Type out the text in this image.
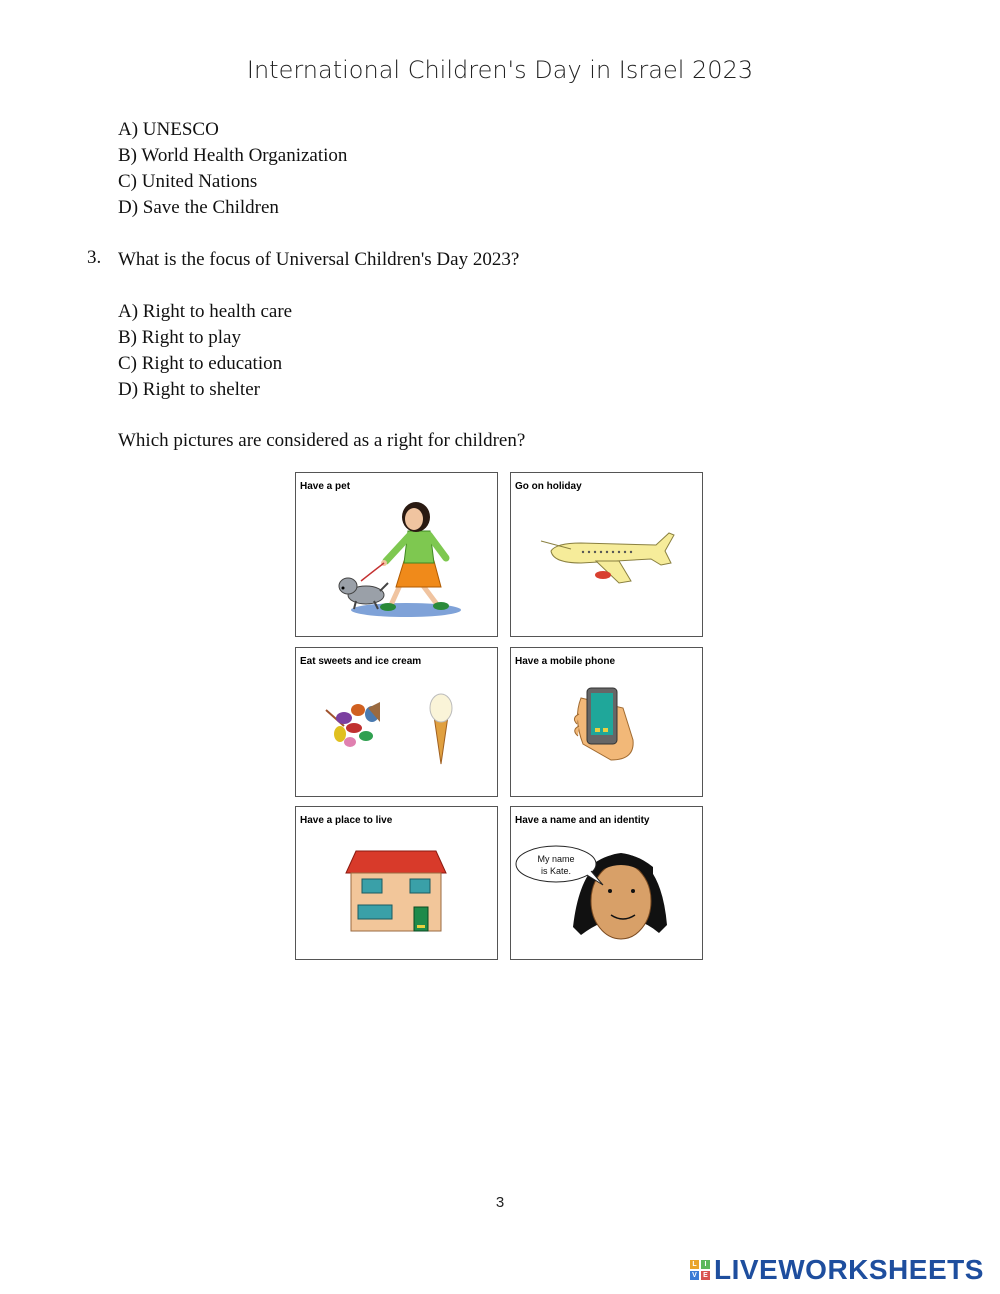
International Children's Day in Israel 2023
A) UNESCO
B) World Health Organization
C) United Nations
D) Save the Children
3. What is the focus of Universal Children's Day 2023?
A) Right to health care
B) Right to play
C) Right to education
D) Right to shelter
Which pictures are considered as a right for children?
Have a pet	Go on holiday
Eat sweets and ice cream	Have a mobile phone
Have a place to live
My name
is Kate.
Have a name and an identity
3
L	I
V E LIVEWORKSHEETS
